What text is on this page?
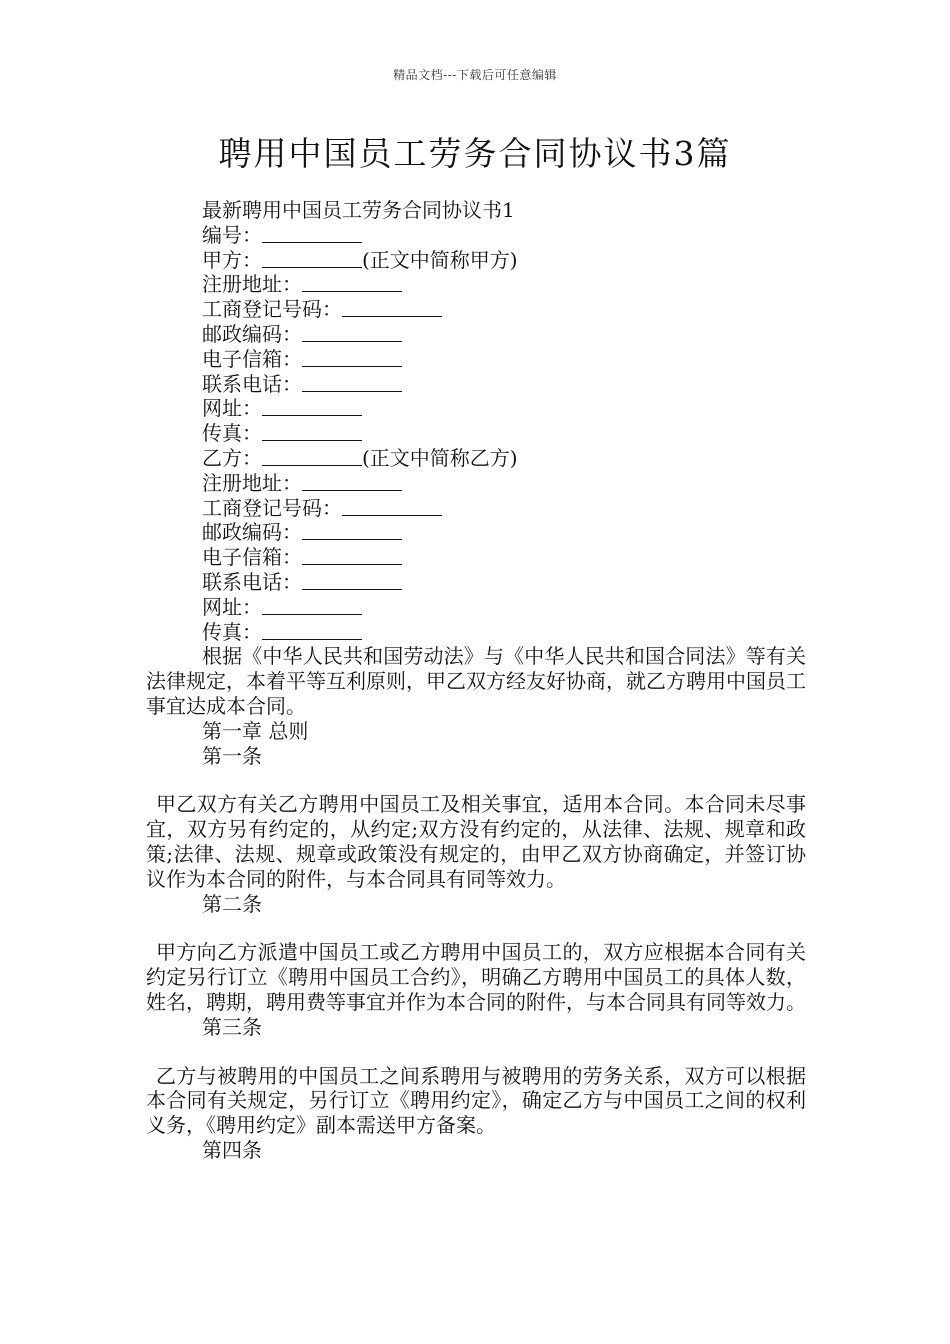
精品文档---下载后可任意编辑
聘用中国员工劳务合同协议书3篇
最新聘用中国员工劳务合同协议书1
编号：
甲方：	(正文中简称甲方)
注册地址：
工商登记号码：
邮政编码：
电子信箱：
联系电话：
网址：
传真：
乙方：	(正文中简称乙方)
注册地址：
工商登记号码：
邮政编码：
电子信箱：
联系电话：
网址：
传真：
根据《中华人民共和国劳动法》与《中华人民共和国合同法》等有关法律规定，本着平等互利原则，甲乙双方经友好协商，就乙方聘用中国员工事宜达成本合同。
第一章 总则
第一条
甲乙双方有关乙方聘用中国员工及相关事宜，适用本合同。本合同未尽事宜，双方另有约定的，从约定;双方没有约定的，从法律、法规、规章和政策;法律、法规、规章或政策没有规定的，由甲乙双方协商确定，并签订协议作为本合同的附件，与本合同具有同等效力。
第二条
甲方向乙方派遣中国员工或乙方聘用中国员工的，双方应根据本合同有关约定另行订立《聘用中国员工合约》，明确乙方聘用中国员工的具体人数，姓名，聘期，聘用费等事宜并作为本合同的附件，与本合同具有同等效力。
第三条
乙方与被聘用的中国员工之间系聘用与被聘用的劳务关系，双方可以根据本合同有关规定，另行订立《聘用约定》，确定乙方与中国员工之间的权利义务，《聘用约定》副本需送甲方备案。
第四条
